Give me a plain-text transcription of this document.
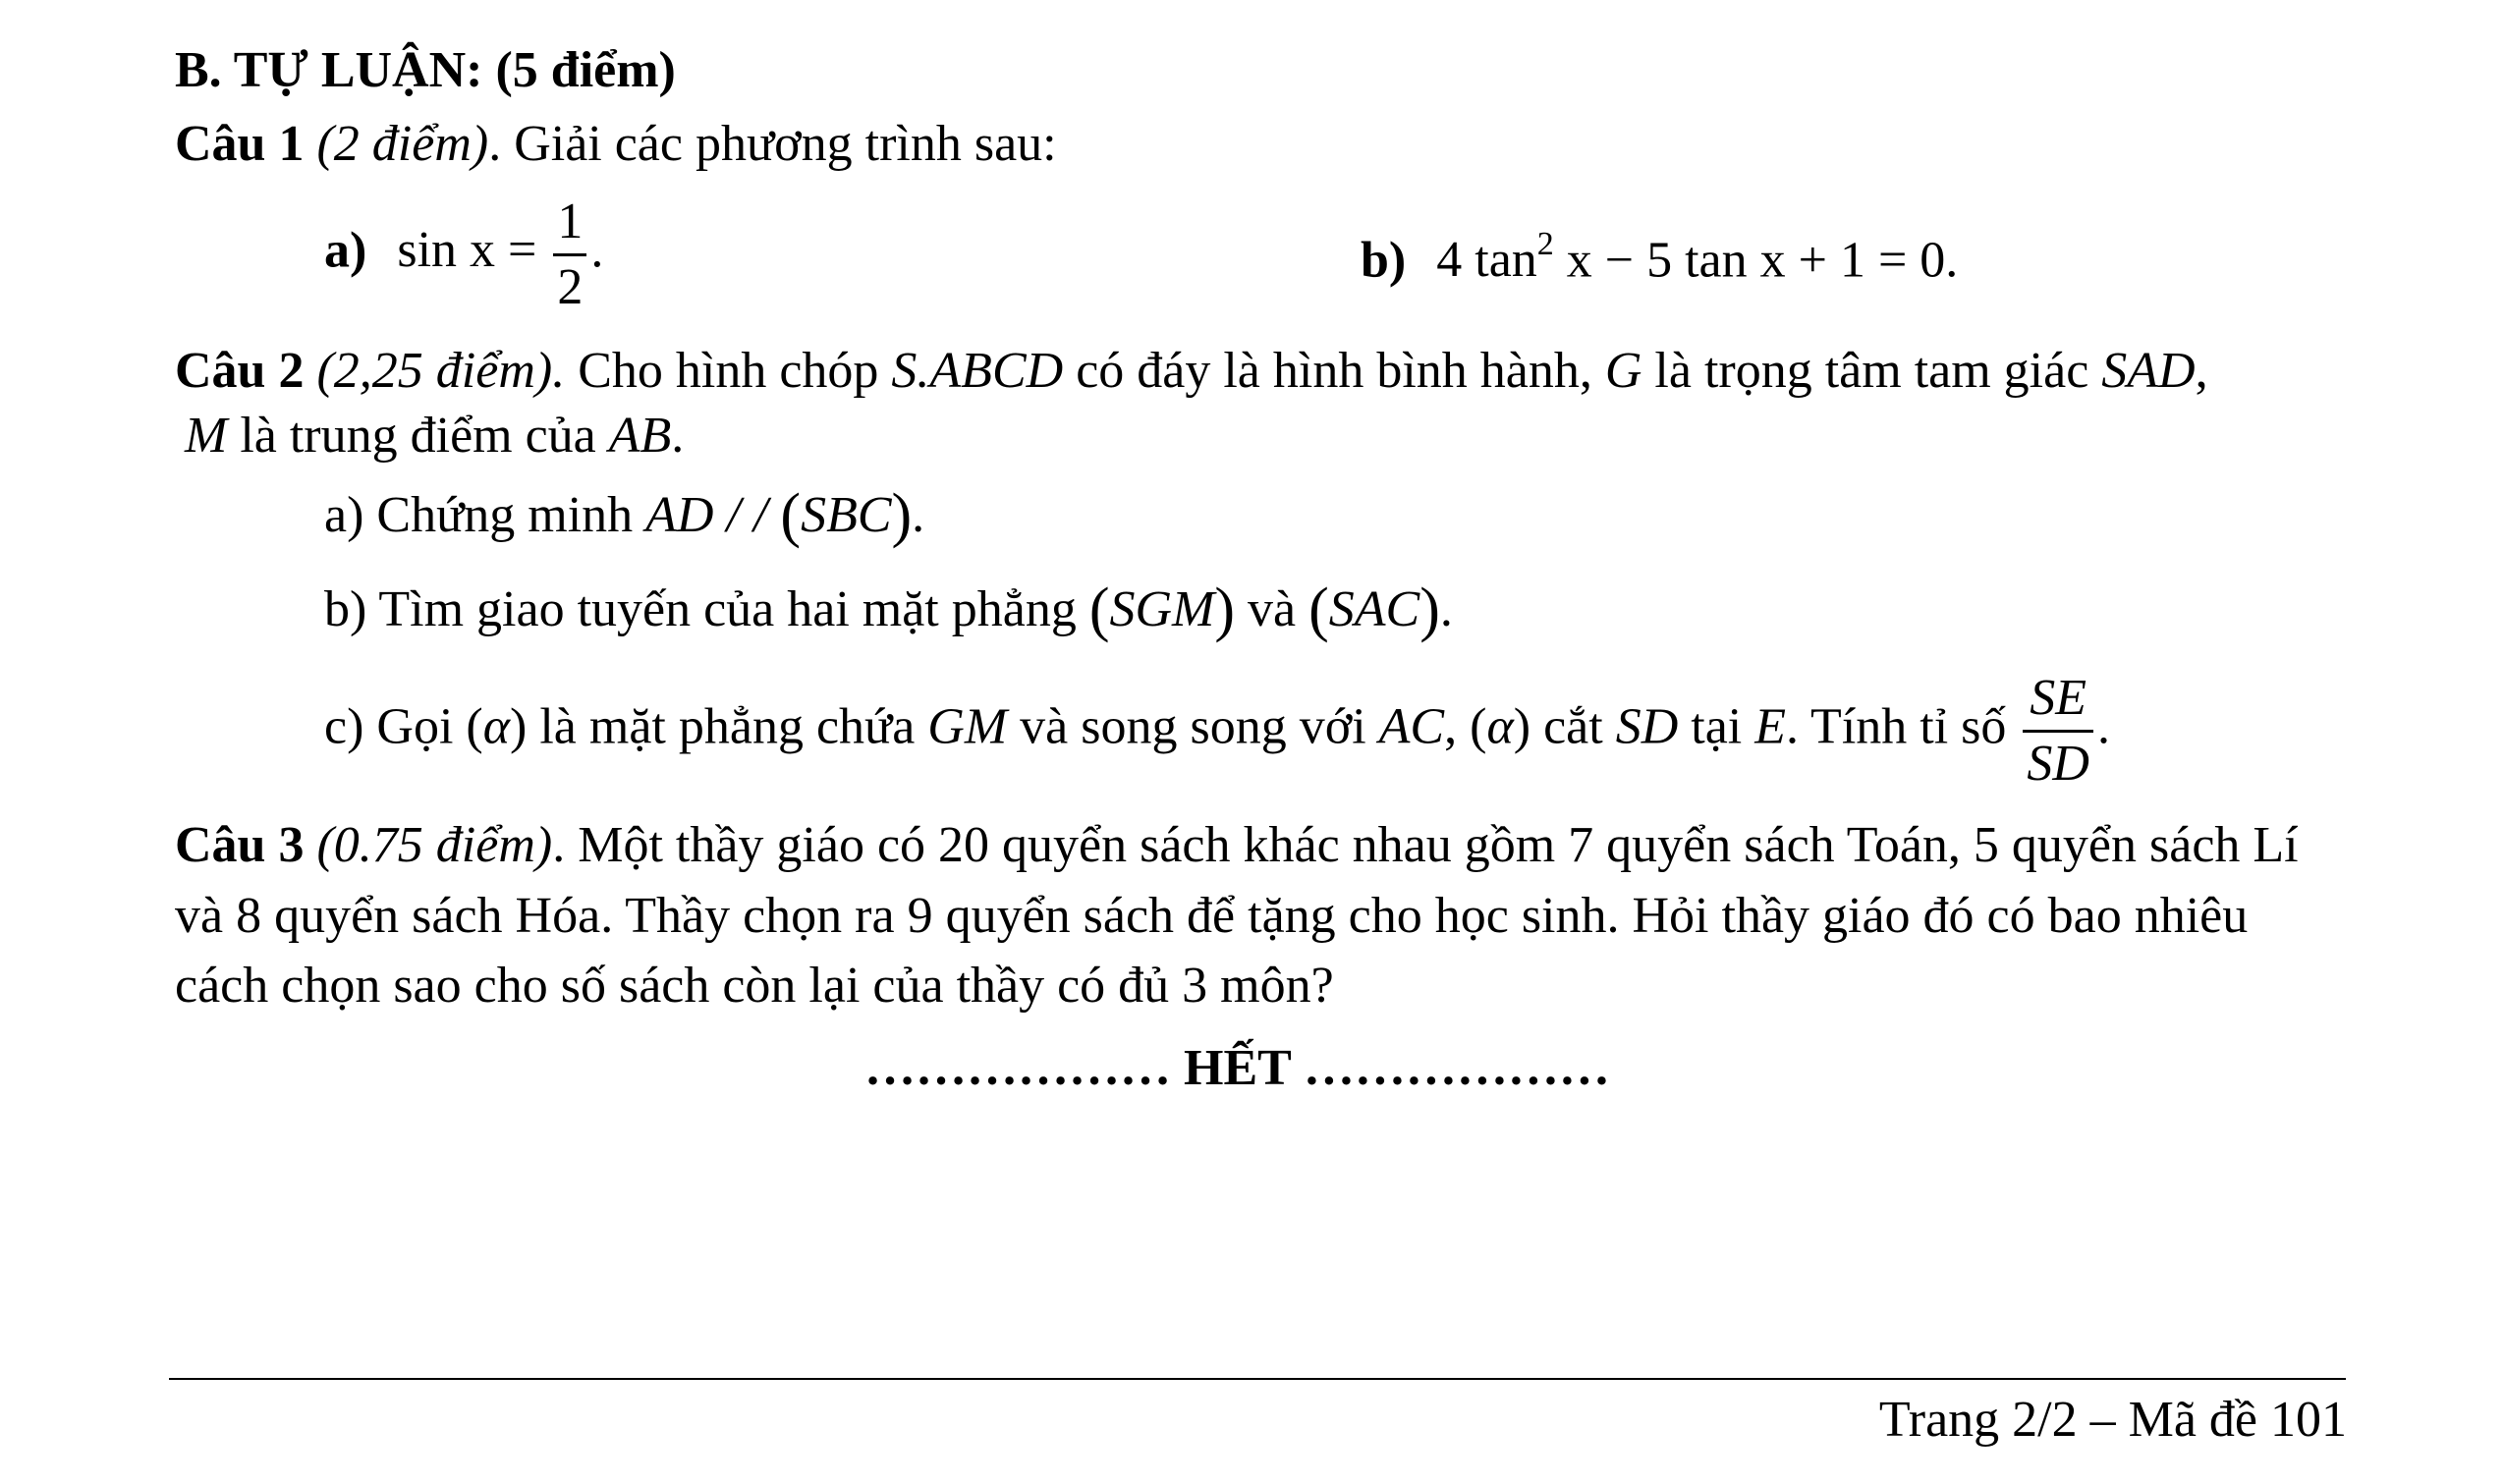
B. TỰ LUẬN: (5 điểm)
Câu 1 (2 điểm). Giải các phương trình sau:
a) $\sin x = \frac{1}{2}$ .	b) 4 $\tan^2 x - 5$ tan x + 1 = 0.
Câu 2 (2,25 điểm). Cho hình chóp S.ABCD có đáy là hình bình hành, G là trọng tâm tam giác SAD,
M là trung điểm của AB.
a) Chứng minh AD / / (SBC).
b) Tìm giao tuyến của hai mặt phẳng (SGM) và (SAC).
c) Gọi (α) là mặt phẳng chứa GM và song song với AC, (α) cắt SD tại E. Tính tỉ số $\frac{SE}{SD}$ .
Câu 3 (0.75 điểm). Một thầy giáo có 20 quyển sách khác nhau gồm 7 quyển sách Toán, 5 quyển sách Lí
và 8 quyển sách Hóa. Thầy chọn ra 9 quyển sách để tặng cho học sinh. Hỏi thầy giáo đó có bao nhiêu
cách chọn sao cho số sách còn lại của thầy có đủ 3 môn?
……………… HẾT ………………
Trang 2/2 – Mã đề 101
